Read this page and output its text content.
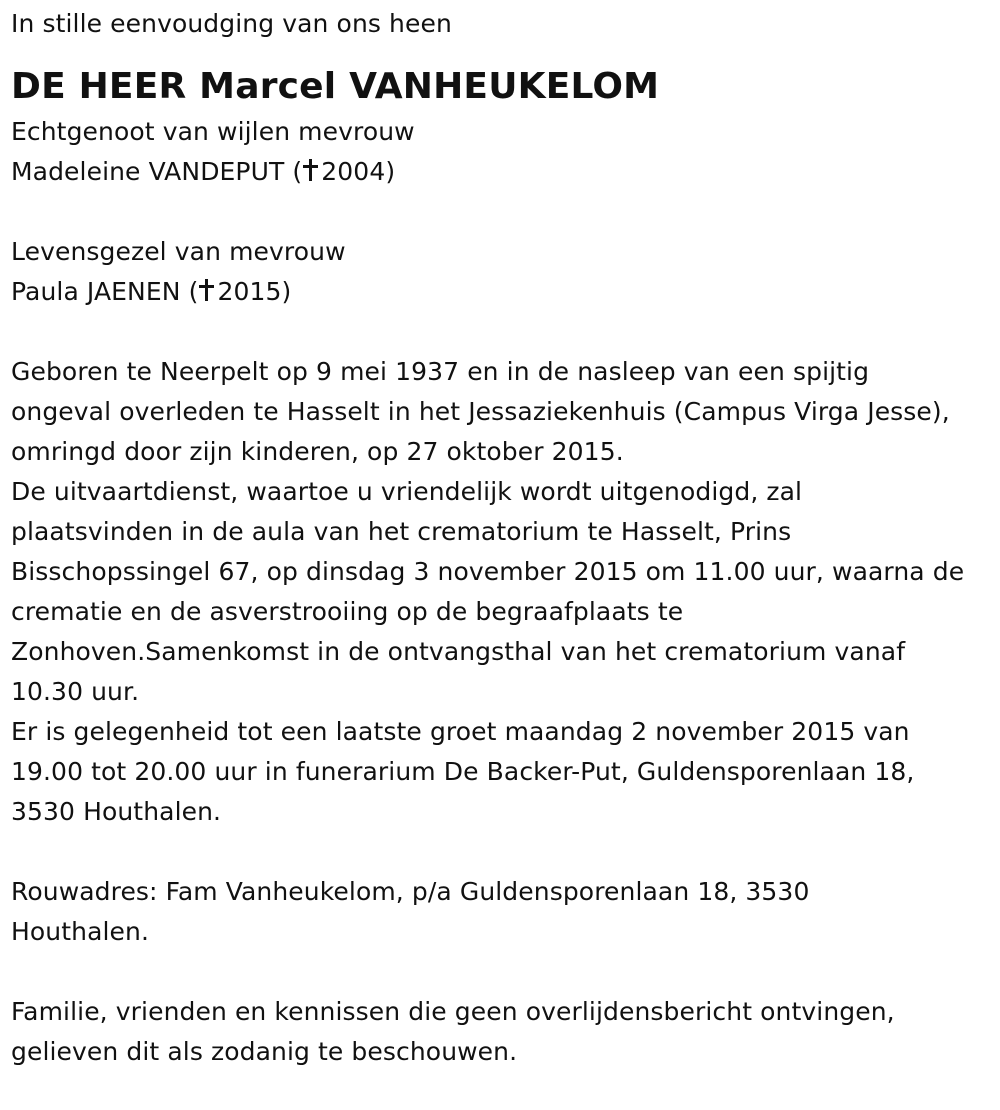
In stille eenvoudging van ons heen
DE HEER Marcel VANHEUKELOM
Echtgenoot van wijlen mevrouw
Madeleine VANDEPUT ( 2004)
Levensgezel van mevrouw
Paula JAENEN ( 2015)
Geboren te Neerpelt op 9 mei 1937 en in de nasleep van een spijtig
ongeval overleden te Hasselt in het Jessaziekenhuis (Campus Virga Jesse),
omringd door zijn kinderen, op 27 oktober 2015.
De uitvaartdienst, waartoe u vriendelijk wordt uitgenodigd, zal
plaatsvinden in de aula van het crematorium te Hasselt, Prins
Bisschopssingel 67, op dinsdag 3 november 2015 om 11.00 uur, waarna de
crematie en de asverstrooiing op de begraafplaats te
Zonhoven.Samenkomst in de ontvangsthal van het crematorium vanaf
10.30 uur.
Er is gelegenheid tot een laatste groet maandag 2 november 2015 van
19.00 tot 20.00 uur in funerarium De Backer-Put, Guldensporenlaan 18,
3530 Houthalen.
Rouwadres: Fam Vanheukelom, p/a Guldensporenlaan 18, 3530
Houthalen.
Familie, vrienden en kennissen die geen overlijdensbericht ontvingen,
gelieven dit als zodanig te beschouwen.
